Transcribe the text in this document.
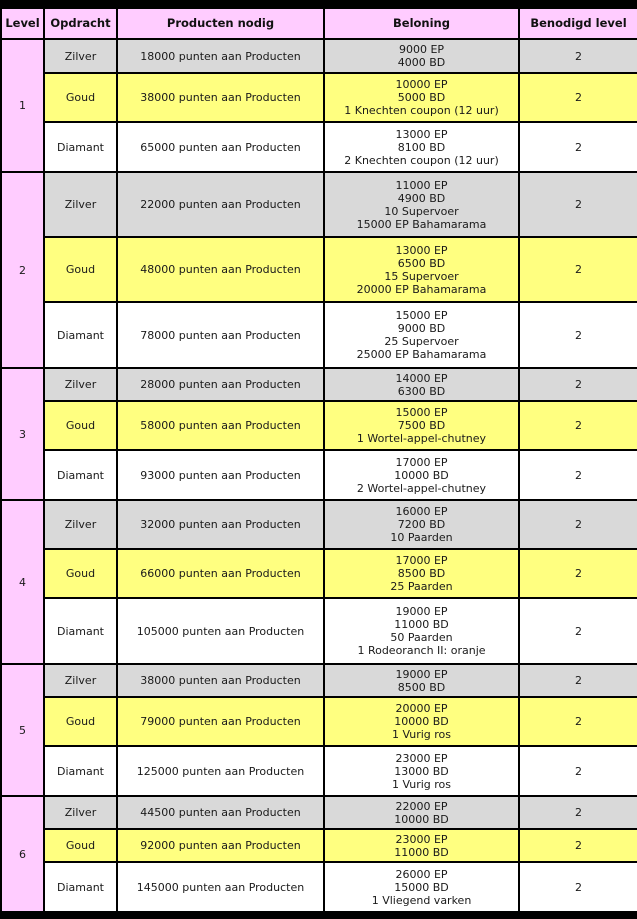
Level	Opdracht	Producten nodig	Beloning	Benodigd level
1	Zilver	18000 punten aan Producten	9000 EP
4000 BD	2
	Goud	38000 punten aan Producten	10000 EP
5000 BD
1 Knechten coupon (12 uur)	2
	Diamant	65000 punten aan Producten	13000 EP
8100 BD
2 Knechten coupon (12 uur)	2
2	Zilver	22000 punten aan Producten	11000 EP
4900 BD
10 Supervoer
15000 EP Bahamarama	2
	Goud	48000 punten aan Producten	13000 EP
6500 BD
15 Supervoer
20000 EP Bahamarama	2
	Diamant	78000 punten aan Producten	15000 EP
9000 BD
25 Supervoer
25000 EP Bahamarama	2
3	Zilver	28000 punten aan Producten	14000 EP
6300 BD	2
	Goud	58000 punten aan Producten	15000 EP
7500 BD
1 Wortel-appel-chutney	2
	Diamant	93000 punten aan Producten	17000 EP
10000 BD
2 Wortel-appel-chutney	2
4	Zilver	32000 punten aan Producten	16000 EP
7200 BD
10 Paarden	2
	Goud	66000 punten aan Producten	17000 EP
8500 BD
25 Paarden	2
	Diamant	105000 punten aan Producten	19000 EP
11000 BD
50 Paarden
1 Rodeoranch II: oranje	2
5	Zilver	38000 punten aan Producten	19000 EP
8500 BD	2
	Goud	79000 punten aan Producten	20000 EP
10000 BD
1 Vurig ros	2
	Diamant	125000 punten aan Producten	23000 EP
13000 BD
1 Vurig ros	2
6	Zilver	44500 punten aan Producten	22000 EP
10000 BD	2
	Goud	92000 punten aan Producten	23000 EP
11000 BD	2
	Diamant	145000 punten aan Producten	26000 EP
15000 BD
1 Vliegend varken	2
